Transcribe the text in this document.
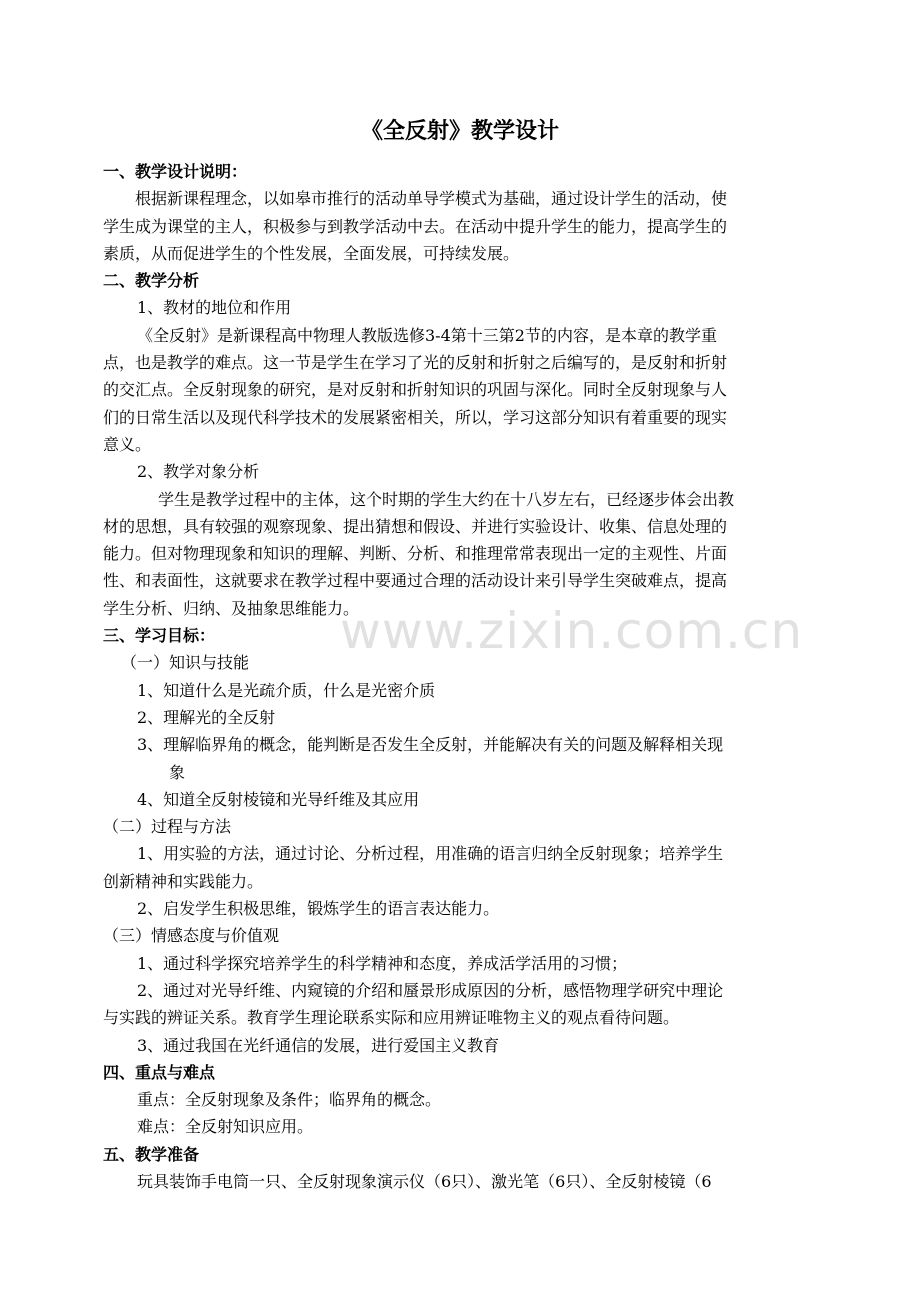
《全反射》教学设计
www.zixin.com.cn
一、教学设计说明：
根据新课程理念，以如皋市推行的活动单导学模式为基础，通过设计学生的活动，使
学生成为课堂的主人，积极参与到教学活动中去。在活动中提升学生的能力，提高学生的
素质，从而促进学生的个性发展，全面发展，可持续发展。
二、教学分析
1、教材的地位和作用
《全反射》是新课程高中物理人教版选修3-4第十三第2节的内容，是本章的教学重
点，也是教学的难点。这一节是学生在学习了光的反射和折射之后编写的，是反射和折射
的交汇点。全反射现象的研究，是对反射和折射知识的巩固与深化。同时全反射现象与人
们的日常生活以及现代科学技术的发展紧密相关，所以，学习这部分知识有着重要的现实
意义。
2、教学对象分析
学生是教学过程中的主体，这个时期的学生大约在十八岁左右，已经逐步体会出教
材的思想，具有较强的观察现象、提出猜想和假设、并进行实验设计、收集、信息处理的
能力。但对物理现象和知识的理解、判断、分析、和推理常常表现出一定的主观性、片面
性、和表面性，这就要求在教学过程中要通过合理的活动设计来引导学生突破难点，提高
学生分析、归纳、及抽象思维能力。
三、学习目标：
（一）知识与技能
1、知道什么是光疏介质，什么是光密介质
2、理解光的全反射
3、理解临界角的概念，能判断是否发生全反射，并能解决有关的问题及解释相关现
象
4、知道全反射棱镜和光导纤维及其应用
（二）过程与方法
1、用实验的方法，通过讨论、分析过程，用准确的语言归纳全反射现象；培养学生
创新精神和实践能力。
2、启发学生积极思维，锻炼学生的语言表达能力。
（三）情感态度与价值观
1、通过科学探究培养学生的科学精神和态度，养成活学活用的习惯；
2、通过对光导纤维、内窥镜的介绍和蜃景形成原因的分析，感悟物理学研究中理论
与实践的辨证关系。教育学生理论联系实际和应用辨证唯物主义的观点看待问题。
3、通过我国在光纤通信的发展，进行爱国主义教育
四、重点与难点
重点：全反射现象及条件；临界角的概念。
难点：全反射知识应用。
五、教学准备
玩具装饰手电筒一只、全反射现象演示仪（6只）、激光笔（6只）、全反射棱镜（6
